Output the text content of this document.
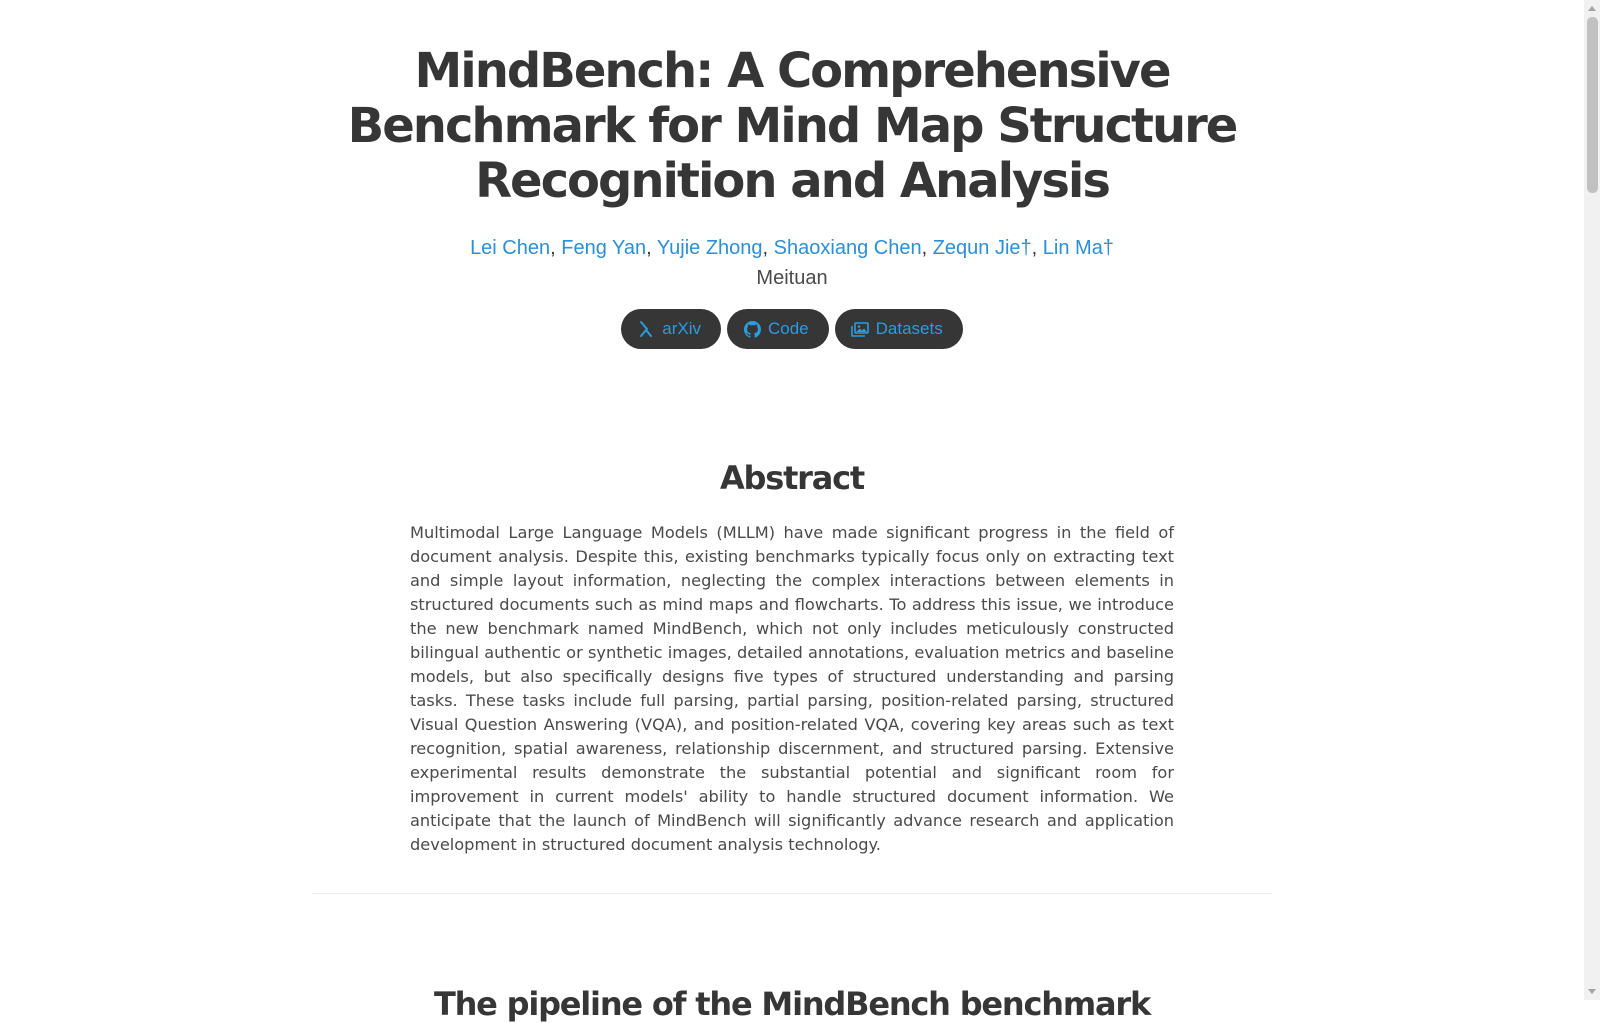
MindBench: A Comprehensive Benchmark for Mind Map Structure Recognition and Analysis
Lei Chen, Feng Yan, Yujie Zhong, Shaoxiang Chen, Zequn Jie†, Lin Ma†
Meituan
arXiv	Code	Datasets
Abstract

Multimodal Large Language Models (MLLM) have made significant progress in the field of document analysis. Despite this, existing benchmarks typically focus only on extracting text and simple layout information, neglecting the complex interactions between elements in structured documents such as mind maps and flowcharts. To address this issue, we introduce the new benchmark named MindBench, which not only includes meticulously constructed bilingual authentic or synthetic images, detailed annotations, evaluation metrics and baseline models, but also specifically designs five types of structured understanding and parsing tasks. These tasks include full parsing, partial parsing, position-related parsing, structured Visual Question Answering (VQA), and position-related VQA, covering key areas such as text recognition, spatial awareness, relationship discernment, and structured parsing. Extensive experimental results demonstrate the substantial potential and significant room for improvement in current models' ability to handle structured document information. We anticipate that the launch of MindBench will significantly advance research and application development in structured document analysis technology.

The pipeline of the MindBench benchmark
